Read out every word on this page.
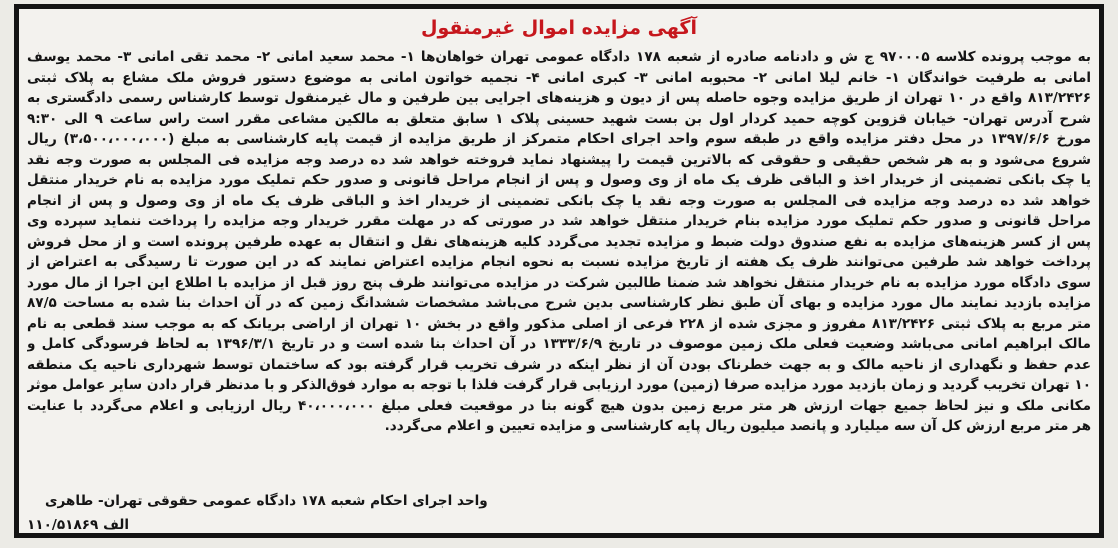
آگهی مزایده اموال غیرمنقول
به موجب پرونده کلاسه ۹۷۰۰۰۵ ج ش و دادنامه صادره از شعبه ۱۷۸ دادگاه عمومی تهران خواهان‌ها ۱- محمد سعید امانی ۲- محمد تقی امانی ۳- محمد یوسف
امانی به طرفیت خواندگان ۱- خانم لیلا امانی ۲- محبوبه امانی ۳- کبری امانی ۴- نجمیه خواتون امانی به موضوع دستور فروش ملک مشاع به پلاک ثبتی
۸۱۳/۲۴۲۶ واقع در ۱۰ تهران از طریق مزایده وجوه حاصله پس از دیون و هزینه‌های اجرایی بین طرفین و مال غیرمنقول توسط کارشناس رسمی دادگستری به
شرح آدرس تهران- خیابان قزوین کوچه حمید کردار اول بن بست شهید حسینی پلاک ۱ سابق متعلق به مالکین مشاعی مقرر است راس ساعت ۹ الی ۹:۳۰
مورخ ۱۳۹۷/۶/۶ در محل دفتر مزایده واقع در طبقه سوم واحد اجرای احکام متمرکز از طریق مزایده از قیمت پایه کارشناسی به مبلغ (۳،۵۰۰،۰۰۰،۰۰۰) ریال
شروع می‌شود و به هر شخص حقیقی و حقوقی که بالاترین قیمت را پیشنهاد نماید فروخته خواهد شد ده درصد وجه مزایده فی المجلس به صورت وجه نقد
یا چک بانکی تضمینی از خریدار اخذ و الباقی ظرف یک ماه از وی وصول و پس از انجام مراحل قانونی و صدور حکم تملیک مورد مزایده به نام خریدار منتقل
خواهد شد ده درصد وجه مزایده فی المجلس به صورت وجه نقد یا چک بانکی تضمینی از خریدار اخذ و الباقی ظرف یک ماه از وی وصول و پس از انجام
مراحل قانونی و صدور حکم تملیک مورد مزایده بنام خریدار منتقل خواهد شد در صورتی که در مهلت مقرر خریدار وجه مزایده را پرداخت ننماید سپرده وی
پس از کسر هزینه‌های مزایده به نفع صندوق دولت ضبط و مزایده تجدید می‌گردد کلیه هزینه‌های نقل و انتقال به عهده طرفین پرونده است و از محل فروش
پرداخت خواهد شد طرفین می‌توانند ظرف یک هفته از تاریخ مزایده نسبت به نحوه انجام مزایده اعتراض نمایند که در این صورت تا رسیدگی به اعتراض از
سوی دادگاه مورد مزایده به نام خریدار منتقل نخواهد شد ضمنا طالبین شرکت در مزایده می‌توانند ظرف پنج روز قبل از مزایده با اطلاع این اجرا از مال مورد
مزایده بازدید نمایند مال مورد مزایده و بهای آن طبق نظر کارشناسی بدین شرح می‌باشد مشخصات ششدانگ زمین که در آن احداث بنا شده به مساحت ۸۷/۵
متر مربع به پلاک ثبتی ۸۱۳/۲۴۲۶ مفروز و مجزی شده از ۲۲۸ فرعی از اصلی مذکور واقع در بخش ۱۰ تهران از اراضی بریانک که به موجب سند قطعی به نام
مالک ابراهیم امانی می‌باشد وضعیت فعلی ملک زمین موصوف در تاریخ ۱۳۳۳/۶/۹ در آن احداث بنا شده است و در تاریخ ۱۳۹۶/۳/۱ به لحاظ فرسودگی کامل و
عدم حفظ و نگهداری از ناحیه مالک و به جهت خطرناک بودن آن از نظر اینکه در شرف تخریب قرار گرفته بود که ساختمان توسط شهرداری ناحیه یک منطقه
۱۰ تهران تخریب گردید و زمان بازدید مورد مزایده صرفا (زمین) مورد ارزیابی قرار گرفت فلذا با توجه به موارد فوق‌الذکر و با مدنظر قرار دادن سایر عوامل موثر
مکانی ملک و نیز لحاظ جمیع جهات ارزش هر متر مربع زمین بدون هیچ گونه بنا در موقعیت فعلی مبلغ ۴۰،۰۰۰،۰۰۰ ریال ارزیابی و اعلام می‌گردد با عنایت
هر متر مربع ارزش کل آن سه میلیارد و پانصد میلیون ریال پایه کارشناسی و مزایده تعیین و اعلام می‌گردد.
واحد اجرای احکام شعبه ۱۷۸ دادگاه عمومی حقوقی تهران- طاهری
۱۱۰/۵۱۸۶۹ الف
